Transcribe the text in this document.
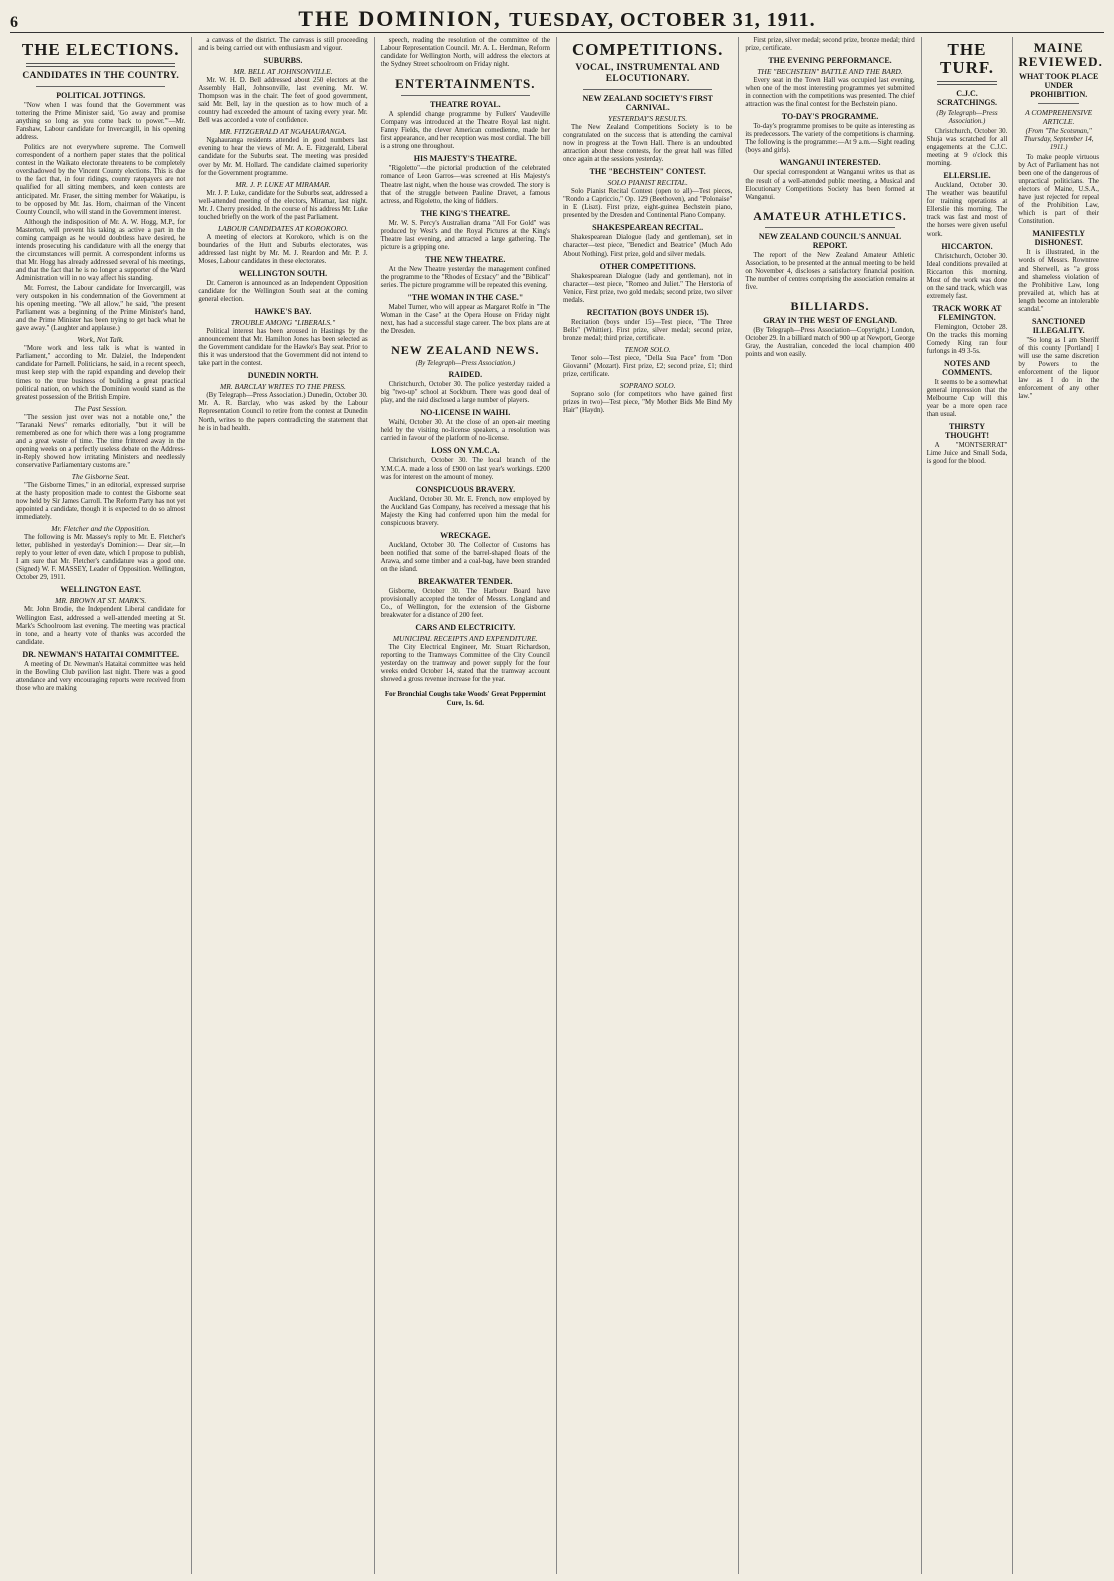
6	THE DOMINION, TUESDAY, OCTOBER 31, 1911.
THE ELECTIONS.
CANDIDATES IN THE COUNTRY.
POLITICAL JOTTINGS.

"Now when I was found that the Government was tottering the Prime Minister said, 'Go away and promise anything so long as you come back to power.'"—Mr. Fanshaw, Labour candidate for Invercargill, in his opening address.

Politics are not everywhere supreme. The Cornwell correspondent of a northern paper states that the political contest in the Waikato electorate threatens to be completely overshadowed by the Vincent County elections. This is due to the fact that, in four ridings, county ratepayers are not qualified for all sitting members, and keen contests are anticipated. Mr. Fraser, the sitting member for Wakatipu, is to be opposed by Mr. Jas. Horn, chairman of the Vincent County Council, who will stand in the Government interest.

Although the indisposition of Mr. A. W. Hogg, M.P., for Masterton, will prevent his taking as active a part in the coming campaign as he would doubtless have desired, he intends prosecuting his candidature with all the energy that the circumstances will permit. A correspondent informs us that Mr. Hogg has already addressed several of his meetings, and that the fact that he is no longer a supporter of the Ward Administration will in no way affect his standing.

Mr. Forrest, the Labour candidate for Invercargill, was very outspoken in his condemnation of the Government at his opening meeting. "We all allow," he said, "the present Parliament was a beginning of the Prime Minister's hand, and the Prime Minister has been trying to get back what he gave away." (Laughter and applause.)

Work, Not Talk.

"More work and less talk is what is wanted in Parliament," according to Mr. Dalziel, the Independent candidate for Parnell. Politicians, he said, in a recent speech, must keep step with the rapid expanding and develop their times to the true business of building a great practical political nation, on which the Dominion would stand as the greatest possession of the British Empire.

The Past Session.

"The session just over was not a notable one," the "Taranaki News" remarks editorially, "but it will be remembered as one for which there was a long programme and a great waste of time. The time frittered away in the opening weeks on a perfectly useless debate on the Address-in-Reply showed how irritating Ministers and needlessly conservative Parliamentary customs are."

The Gisborne Seat.

"The Gisborne Times," in an editorial, expressed surprise at the hasty proposition made to contest the Gisborne seat now held by Sir James Carroll. The Reform Party has not yet appointed a candidate, though it is expected to do so almost immediately.

Mr. Fletcher and the Opposition.

The following is Mr. Massey's reply to Mr. E. Fletcher's letter, published in yesterday's Dominion:— Dear sir,—In reply to your letter of even date, which I propose to publish, I am sure that Mr. Fletcher's candidature was a good one. (Signed) W. F. MASSEY, Leader of Opposition. Wellington, October 29, 1911.

WELLINGTON EAST.
MR. BROWN AT ST. MARK'S.

Mr. John Brodie, the Independent Liberal candidate for Wellington East, addressed a well-attended meeting at St. Mark's Schoolroom last evening. The meeting was practical in tone, and a hearty vote of thanks was accorded the candidate.

DR. NEWMAN'S HATAITAI COMMITTEE.

A meeting of Dr. Newman's Hataitai committee was held in the Bowling Club pavilion last night. There was a good attendance and very encouraging reports were received from those who are making

a canvass of the district. The canvass is still proceeding and is being carried out with enthusiasm and vigour.

SUBURBS.
MR. BELL AT JOHNSONVILLE.

Mr. W. H. D. Bell addressed about 250 electors at the Assembly Hall, Johnsonville, last evening. Mr. W. Thompson was in the chair. The feet of good government, said Mr. Bell, lay in the question as to how much of a country had exceeded the amount of taxing every year. Mr. Bell was accorded a vote of confidence.

MR. FITZGERALD AT NGAHAURANGA.

Ngahauranga residents attended in good numbers last evening to hear the views of Mr. A. E. Fitzgerald, Liberal candidate for the Suburbs seat. The meeting was presided over by Mr. M. Hollard. The candidate claimed superiority for the Government programme.

MR. J. P. LUKE AT MIRAMAR.

Mr. J. P. Luke, candidate for the Suburbs seat, addressed a well-attended meeting of the electors, Miramar, last night. Mr. J. Cherry presided. In the course of his address Mr. Luke touched briefly on the work of the past Parliament.

LABOUR CANDIDATES AT KOROKORO.

A meeting of electors at Korokoro, which is on the boundaries of the Hutt and Suburbs electorates, was addressed last night by Mr. M. J. Reardon and Mr. P. J. Moses, Labour candidates in these electorates.

WELLINGTON SOUTH.

Dr. Cameron is announced as an Independent Opposition candidate for the Wellington South seat at the coming general election.

HAWKE'S BAY.
TROUBLE AMONG "LIBERALS."

Political interest has been aroused in Hastings by the announcement that Mr. Hamilton Jones has been selected as the Government candidate for the Hawke's Bay seat. Prior to this it was understood that the Government did not intend to take part in the contest.

DUNEDIN NORTH.
MR. BARCLAY WRITES TO THE PRESS.

(By Telegraph—Press Association.) Dunedin, October 30. Mr. A. R. Barclay, who was asked by the Labour Representation Council to retire from the contest at Dunedin North, writes to the papers contradicting the statement that he is in bad health.

speech, reading the resolution of the committee of the Labour Representation Council. Mr. A. L. Herdman, Reform candidate for Wellington North, will address the electors at the Sydney Street schoolroom on Friday night.

ENTERTAINMENTS.
THEATRE ROYAL.

A splendid change programme by Fullers' Vaudeville Company was introduced at the Theatre Royal last night. Fanny Fields, the clever American comedienne, made her first appearance, and her reception was most cordial. The bill is a strong one throughout.

HIS MAJESTY'S THEATRE.

"Rigoletto"—the pictorial production of the celebrated romance of Leon Garros—was screened at His Majesty's Theatre last night, when the house was crowded. The story is that of the struggle between Pauline Dravet, a famous actress, and Rigoletto, the king of fiddlers.

THE KING'S THEATRE.

Mr. W. S. Percy's Australian drama "All For Gold" was produced by West's and the Royal Pictures at the King's Theatre last evening, and attracted a large gathering. The picture is a gripping one.

THE NEW THEATRE.

At the New Theatre yesterday the management confined the programme to the "Rhodes of Ecstacy" and the "Biblical" series. The picture programme will be repeated this evening.

"THE WOMAN IN THE CASE."

Mabel Turner, who will appear as Margaret Rolfe in "The Woman in the Case" at the Opera House on Friday night next, has had a successful stage career. The box plans are at the Dresden.

NEW ZEALAND NEWS.
(By Telegraph—Press Association.)
RAIDED.

Christchurch, October 30. The police yesterday raided a big "two-up" school at Sockburn. There was good deal of play, and the raid disclosed a large number of players.

NO-LICENSE IN WAIHI.

Waihi, October 30. At the close of an open-air meeting held by the visiting no-license speakers, a resolution was carried in favour of the platform of no-license.

LOSS ON Y.M.C.A.

Christchurch, October 30. The local branch of the Y.M.C.A. made a loss of £900 on last year's workings. £200 was for interest on the amount of money.

CONSPICUOUS BRAVERY.

Auckland, October 30. Mr. E. French, now employed by the Auckland Gas Company, has received a message that his Majesty the King had conferred upon him the medal for conspicuous bravery.

WRECKAGE.

Auckland, October 30. The Collector of Customs has been notified that some of the barrel-shaped floats of the Arawa, and some timber and a coal-bag, have been stranded on the island.

BREAKWATER TENDER.

Gisborne, October 30. The Harbour Board have provisionally accepted the tender of Messrs. Longland and Co., of Wellington, for the extension of the Gisborne breakwater for a distance of 200 feet.

CARS AND ELECTRICITY.
MUNICIPAL RECEIPTS AND EXPENDITURE.

The City Electrical Engineer, Mr. Stuart Richardson, reporting to the Tramways Committee of the City Council yesterday on the tramway and power supply for the four weeks ended October 14, stated that the tramway account showed a gross revenue increase for the year.

For Bronchial Coughs take Woods' Great Peppermint Cure, 1s. 6d.
COMPETITIONS.
VOCAL, INSTRUMENTAL AND ELOCUTIONARY.
NEW ZEALAND SOCIETY'S FIRST CARNIVAL.
YESTERDAY'S RESULTS.

The New Zealand Competitions Society is to be congratulated on the success that is attending the carnival now in progress at the Town Hall. There is an undoubted attraction about these contests, for the great hall was filled once again at the sessions yesterday.

THE "BECHSTEIN" CONTEST.
SOLO PIANIST RECITAL.

Solo Pianist Recital Contest (open to all)—Test pieces, "Rondo a Capriccio," Op. 129 (Beethoven), and "Polonaise" in E (Liszt). First prize, eight-guinea Bechstein piano, presented by the Dresden and Continental Piano Company.

SHAKESPEAREAN RECITAL.

Shakespearean Dialogue (lady and gentleman), set in character—test piece, "Benedict and Beatrice" (Much Ado About Nothing). First prize, gold and silver medals.

OTHER COMPETITIONS.

Shakespearean Dialogue (lady and gentleman), not in character—test piece, "Romeo and Juliet." The Herstoria of Venice, First prize, two gold medals; second prize, two silver medals.

RECITATION (BOYS UNDER 15).

Recitation (boys under 15)—Test piece, "The Three Bells" (Whittier). First prize, silver medal; second prize, bronze medal; third prize, certificate.

TENOR SOLO.

Tenor solo—Test piece, "Della Sua Pace" from "Don Giovanni" (Mozart). First prize, £2; second prize, £1; third prize, certificate.

SOPRANO SOLO.

Soprano solo (for competitors who have gained first prizes in two)—Test piece, "My Mother Bids Me Bind My Hair" (Haydn).

First prize, silver medal; second prize, bronze medal; third prize, certificate.

THE EVENING PERFORMANCE.
THE "BECHSTEIN" BATTLE AND THE BARD.

Every seat in the Town Hall was occupied last evening, when one of the most interesting programmes yet submitted in connection with the competitions was presented. The chief attraction was the final contest for the Bechstein piano.

TO-DAY'S PROGRAMME.

To-day's programme promises to be quite as interesting as its predecessors. The variety of the competitions is charming. The following is the programme:—At 9 a.m.—Sight reading (boys and girls).

WANGANUI INTERESTED.

Our special correspondent at Wanganui writes us that as the result of a well-attended public meeting, a Musical and Elocutionary Competitions Society has been formed at Wanganui.

AMATEUR ATHLETICS.
NEW ZEALAND COUNCIL'S ANNUAL REPORT.

The report of the New Zealand Amateur Athletic Association, to be presented at the annual meeting to be held on November 4, discloses a satisfactory financial position. The number of centres comprising the association remains at five.

BILLIARDS.
GRAY IN THE WEST OF ENGLAND.

(By Telegraph—Press Association—Copyright.) London, October 29. In a billiard match of 900 up at Newport, George Gray, the Australian, conceded the local champion 400 points and won easily.

THE TURF.
C.J.C. SCRATCHINGS.
(By Telegraph—Press Association.)

Christchurch, October 30. Shuja was scratched for all engagements at the C.J.C. meeting at 9 o'clock this morning.

ELLERSLIE.

Auckland, October 30. The weather was beautiful for training operations at Ellerslie this morning. The track was fast and most of the horses were given useful work.

HICCARTON.

Christchurch, October 30. Ideal conditions prevailed at Riccarton this morning. Most of the work was done on the sand track, which was extremely fast.

TRACK WORK AT FLEMINGTON.

Flemington, October 28. On the tracks this morning Comedy King ran four furlongs in 49 3-5s.

NOTES AND COMMENTS.

It seems to be a somewhat general impression that the Melbourne Cup will this year be a more open race than usual.

THIRSTY THOUGHT!

A "MONTSERRAT" Lime Juice and Small Soda, is good for the blood.

MAINE REVIEWED.
WHAT TOOK PLACE UNDER PROHIBITION.
A COMPREHENSIVE ARTICLE.
(From "The Scotsman," Thursday, September 14, 1911.)

To make people virtuous by Act of Parliament has not been one of the dangerous of unpractical politicians. The electors of Maine, U.S.A., have just rejected for repeal of the Prohibition Law, which is part of their Constitution.

MANIFESTLY DISHONEST.

It is illustrated, in the words of Messrs. Rowntree and Sherwell, as "a gross and shameless violation of the Prohibitive Law, long prevailed at, which has at length become an intolerable scandal."

SANCTIONED ILLEGALITY.

"So long as I am Sheriff of this county [Portland] I will use the same discretion by Powers to the enforcement of the liquor law as I do in the enforcement of any other law."
